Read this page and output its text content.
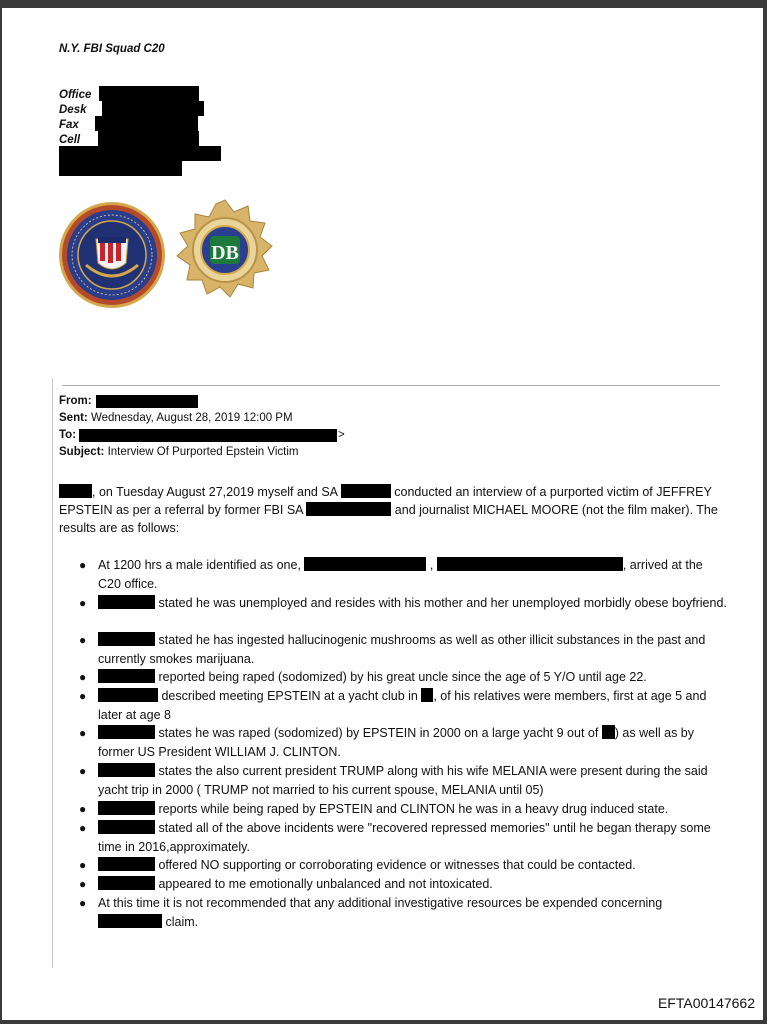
N.Y. FBI Squad C20
Office
Desk
Fax
Cell
DB
From:
Sent: Wednesday, August 28, 2019 12:00 PM
To:	>
Subject: Interview Of Purported Epstein Victim
, on Tuesday August 27,2019 myself and SA	conducted an interview of a purported victim of JEFFREY EPSTEIN as per a referral by former FBI SA	and journalist MICHAEL MOORE (not the film maker). The results are as follows:
● At 1200 hrs a male identified as one,	,	, arrived at the C20 office.
●	stated he was unemployed and resides with his mother and her unemployed morbidly obese boyfriend.
●	stated he has ingested hallucinogenic mushrooms as well as other illicit substances in the past and currently smokes marijuana.
●	reported being raped (sodomized) by his great uncle since the age of 5 Y/O until age 22.
●	described meeting EPSTEIN at a yacht club in , of his relatives were members, first at age 5 and later at age 8
●	states he was raped (sodomized) by EPSTEIN in 2000 on a large yacht 9 out of ) as well as by former US President WILLIAM J. CLINTON.
●	states the also current president TRUMP along with his wife MELANIA were present during the said yacht trip in 2000 ( TRUMP not married to his current spouse, MELANIA until 05)
●	reports while being raped by EPSTEIN and CLINTON he was in a heavy drug induced state.
●	stated all of the above incidents were "recovered repressed memories" until he began therapy some time in 2016,approximately.
●	offered NO supporting or corroborating evidence or witnesses that could be contacted.
●	appeared to me emotionally unbalanced and not intoxicated.
● At this time it is not recommended that any additional investigative resources be expended concerning  claim.
EFTA00147662
